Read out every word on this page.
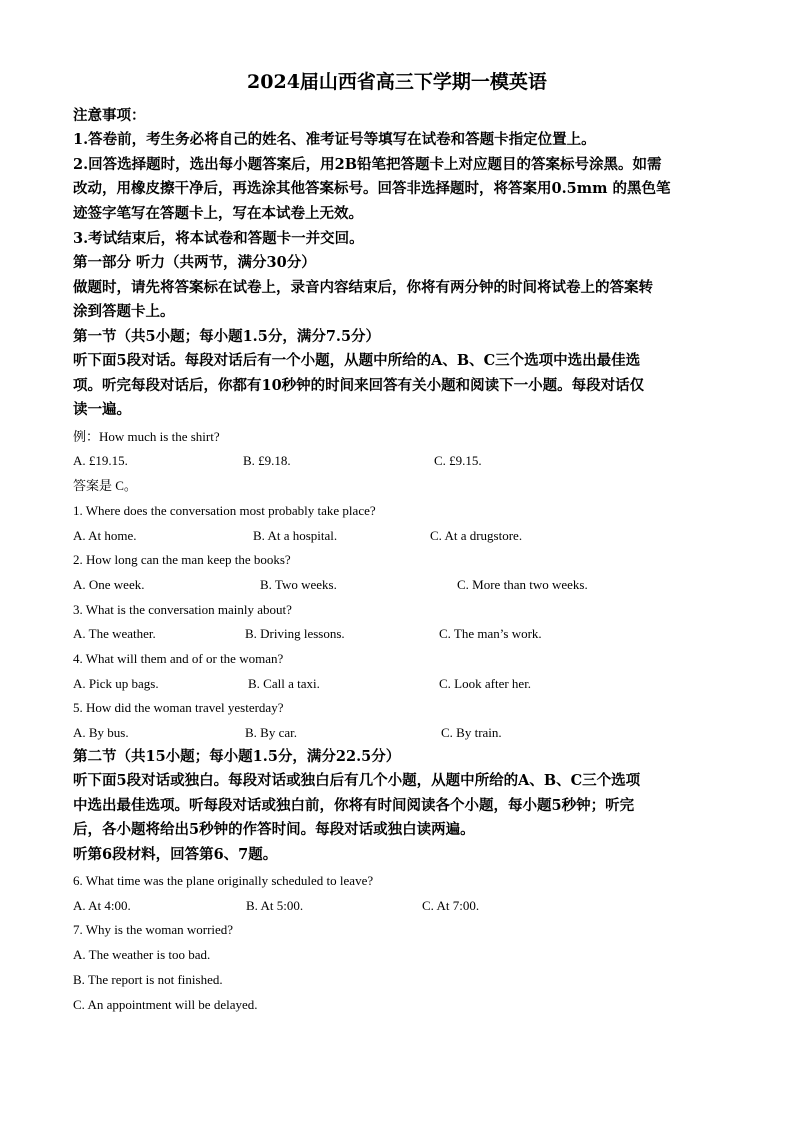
2024届山西省高三下学期一模英语
注意事项：
1.答卷前，考生务必将自己的姓名、准考证号等填写在试卷和答题卡指定位置上。
2.回答选择题时，选出每小题答案后，用2B铅笔把答题卡上对应题目的答案标号涂黑。如需
改动，用橡皮擦干净后，再选涂其他答案标号。回答非选择题时，将答案用0.5mm 的黑色笔
迹签字笔写在答题卡上，写在本试卷上无效。
3.考试结束后，将本试卷和答题卡一并交回。
第一部分 听力（共两节，满分30分）
做题时，请先将答案标在试卷上，录音内容结束后，你将有两分钟的时间将试卷上的答案转
涂到答题卡上。
第一节（共5小题；每小题1.5分，满分7.5分）
听下面5段对话。每段对话后有一个小题，从题中所给的A、B、C三个选项中选出最佳选
项。听完每段对话后，你都有10秒钟的时间来回答有关小题和阅读下一小题。每段对话仅
读一遍。
例：How much is the shirt?
A. £19.15.	B. £9.18.	C. £9.15.
答案是 C。
1. Where does the conversation most probably take place?
A. At home.	B. At a hospital.	C. At a drugstore.
2. How long can the man keep the books?
A. One week.	B. Two weeks.	C. More than two weeks.
3. What is the conversation mainly about?
A. The weather.	B. Driving lessons.	C. The man’s work.
4. What will them and of or the woman?
A. Pick up bags.	B. Call a taxi.	C. Look after her.
5. How did the woman travel yesterday?
A. By bus.	B. By car.	C. By train.
第二节（共15小题；每小题1.5分，满分22.5分）
听下面5段对话或独白。每段对话或独白后有几个小题，从题中所给的A、B、C三个选项
中选出最佳选项。听每段对话或独白前，你将有时间阅读各个小题，每小题5秒钟；听完
后，各小题将给出5秒钟的作答时间。每段对话或独白读两遍。
听第6段材料，回答第6、7题。
6. What time was the plane originally scheduled to leave?
A. At 4:00.	B. At 5:00.	C. At 7:00.
7. Why is the woman worried?
A. The weather is too bad.
B. The report is not finished.
C. An appointment will be delayed.
